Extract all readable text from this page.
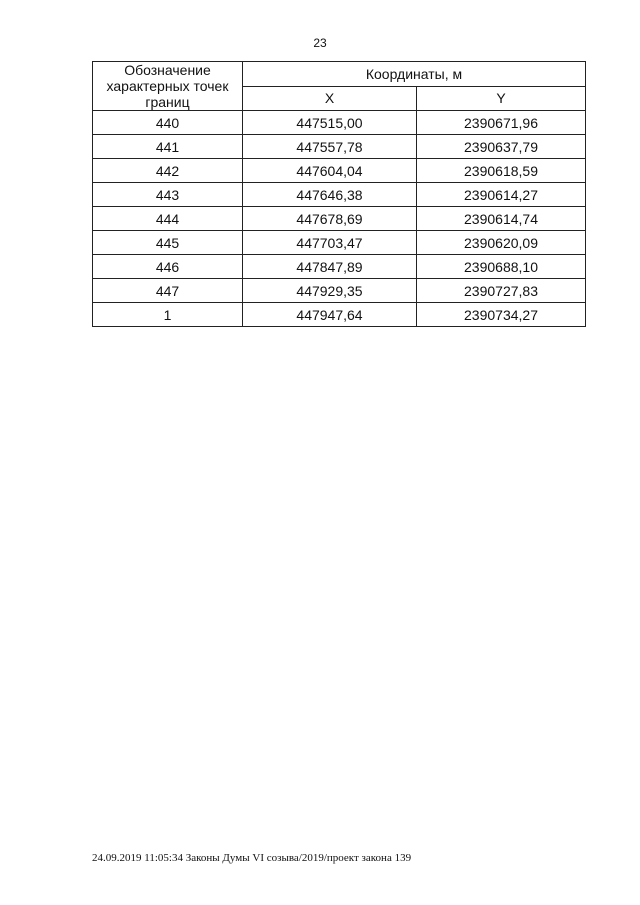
23
Обозначение характерных точек границ	Координаты, м	
	X	Y
440	447515,00	2390671,96
441	447557,78	2390637,79
442	447604,04	2390618,59
443	447646,38	2390614,27
444	447678,69	2390614,74
445	447703,47	2390620,09
446	447847,89	2390688,10
447	447929,35	2390727,83
1	447947,64	2390734,27
24.09.2019 11:05:34 Законы Думы VI созыва/2019/проект закона 139
